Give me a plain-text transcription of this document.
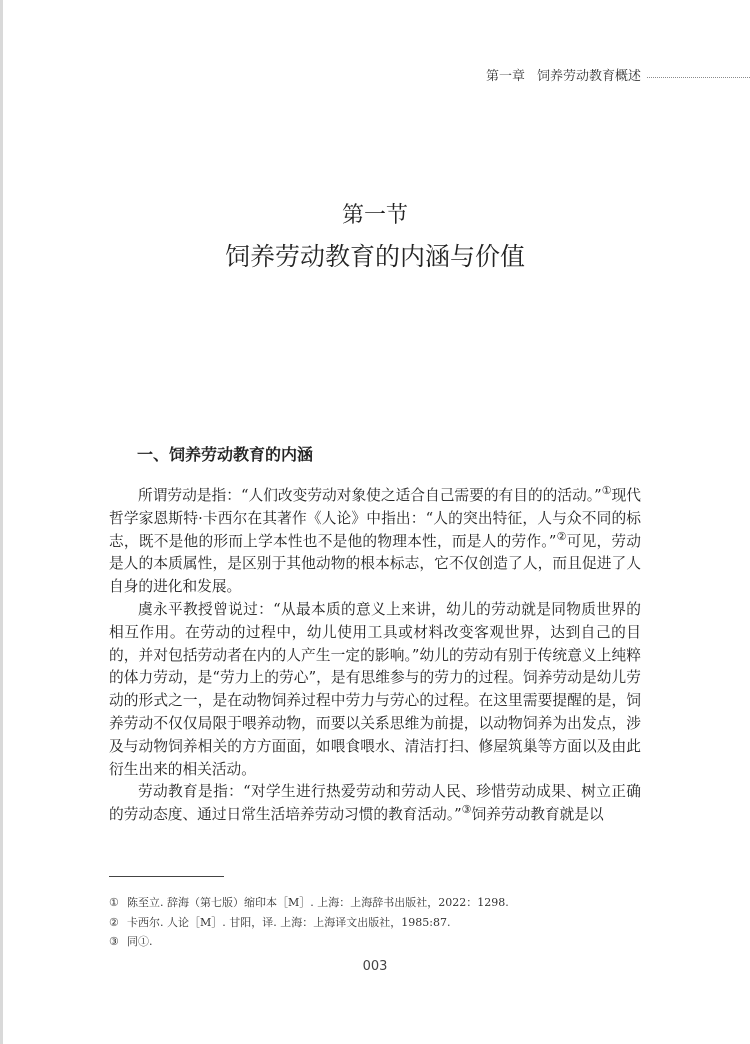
第一章 饲养劳动教育概述
第一节
饲养劳动教育的内涵与价值
一、饲养劳动教育的内涵

所谓劳动是指：“人们改变劳动对象使之适合自己需要的有目的的活动。”①现代哲学家恩斯特·卡西尔在其著作《人论》中指出：“人的突出特征，人与众不同的标志，既不是他的形而上学本性也不是他的物理本性，而是人的劳作。”②可见，劳动是人的本质属性，是区别于其他动物的根本标志，它不仅创造了人，而且促进了人自身的进化和发展。

虞永平教授曾说过：“从最本质的意义上来讲，幼儿的劳动就是同物质世界的相互作用。在劳动的过程中，幼儿使用工具或材料改变客观世界，达到自己的目的，并对包括劳动者在内的人产生一定的影响。”幼儿的劳动有别于传统意义上纯粹的体力劳动，是“劳力上的劳心”，是有思维参与的劳力的过程。饲养劳动是幼儿劳动的形式之一，是在动物饲养过程中劳力与劳心的过程。在这里需要提醒的是，饲养劳动不仅仅局限于喂养动物，而要以关系思维为前提，以动物饲养为出发点，涉及与动物饲养相关的方方面面，如喂食喂水、清洁打扫、修屋筑巢等方面以及由此衍生出来的相关活动。

劳动教育是指：“对学生进行热爱劳动和劳动人民、珍惜劳动成果、树立正确的劳动态度、通过日常生活培养劳动习惯的教育活动。”③饲养劳动教育就是以

① 陈至立. 辞海（第七版）缩印本［M］. 上海：上海辞书出版社，2022：1298.
② 卡西尔. 人论［M］. 甘阳，译. 上海：上海译文出版社，1985:87.
③ 同①.
003
